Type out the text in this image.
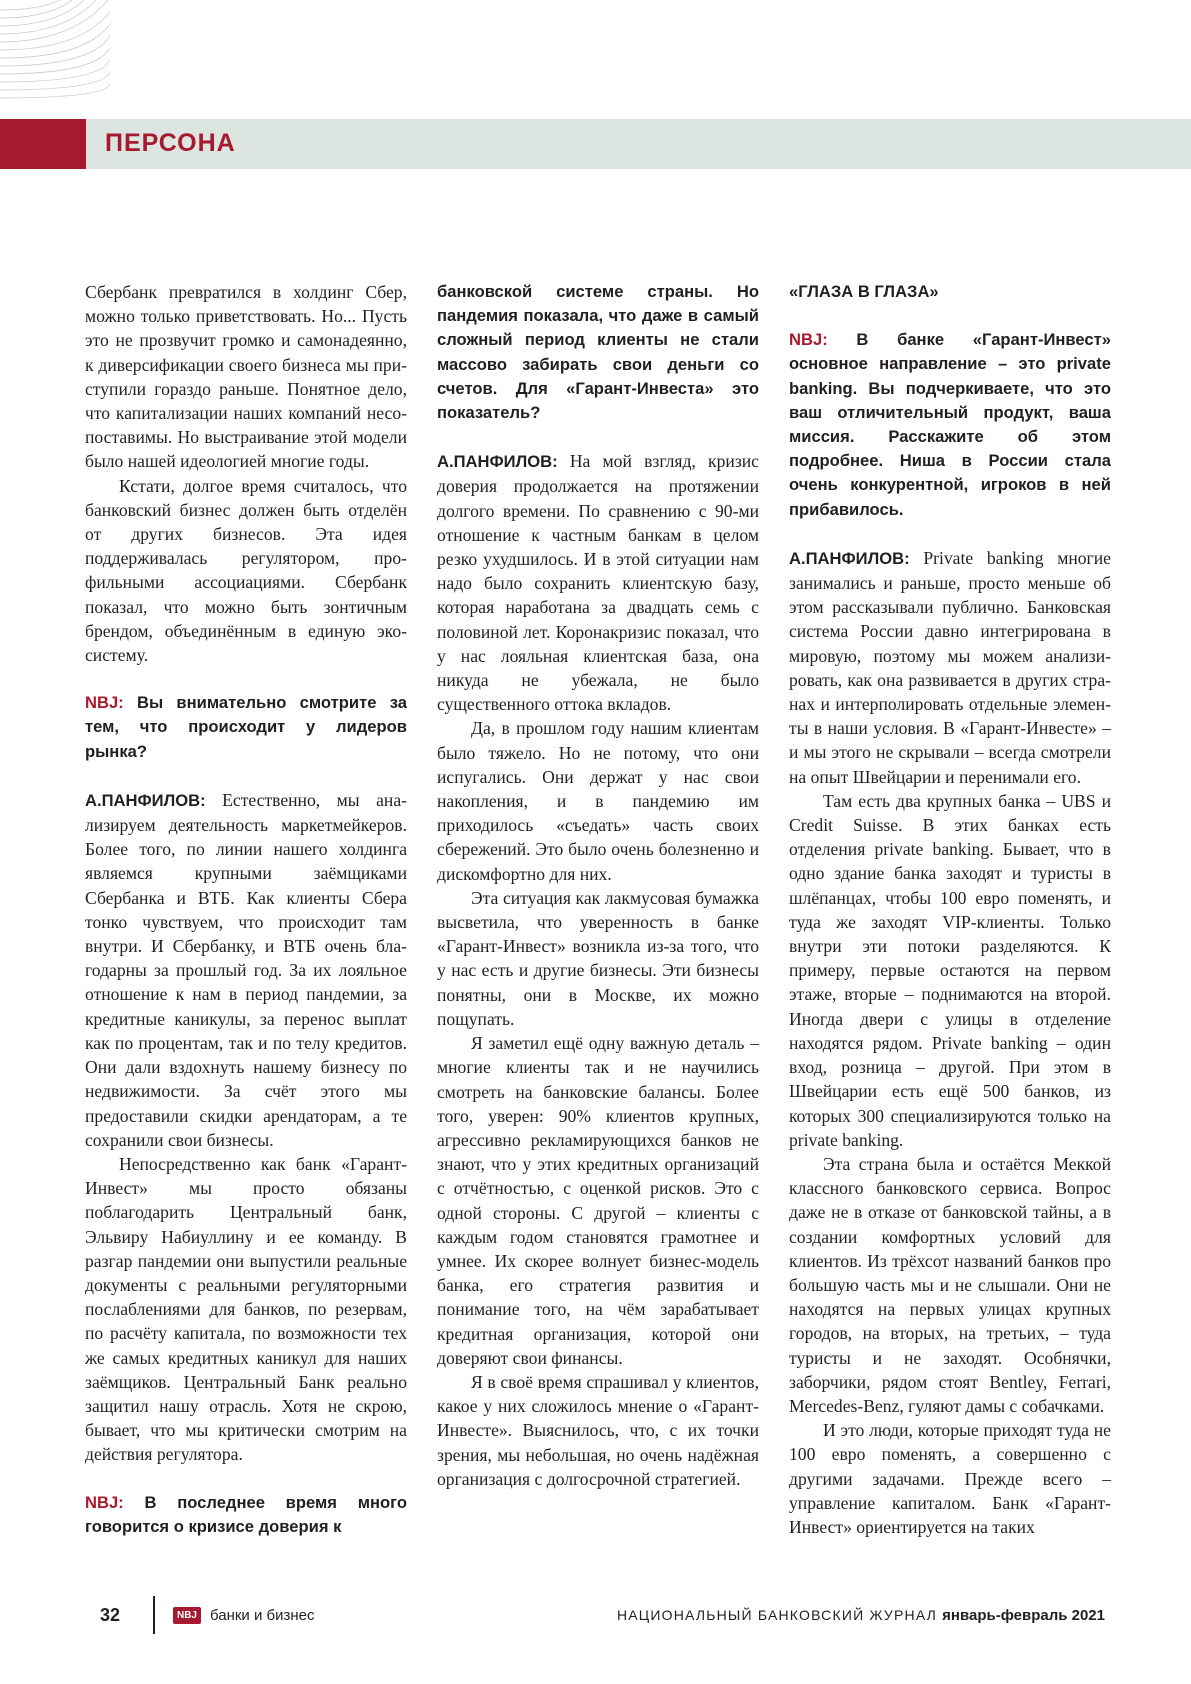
ПЕРСОНА

Сбербанк превратился в холдинг Сбер, можно только приветствовать. Но... Пусть это не прозвучит громко и самонадеянно, к диверсификации своего бизнеса мы приступили гораздо раньше. Понятное дело, что капитализации наших компаний несопоставимы. Но выстраивание этой модели было нашей идеологией многие годы.

Кстати, долгое время считалось, что банковский бизнес должен быть отделён от других бизнесов. Эта идея поддерживалась регулятором, профильными ассоциациями. Сбербанк показал, что можно быть зонтичным брендом, объединённым в единую экосистему.

NBJ: Вы внимательно смотрите за тем, что происходит у лидеров рынка?

А.ПАНФИЛОВ: Естественно, мы анализируем деятельность маркетмейкеров. Более того, по линии нашего холдинга являемся крупными заёмщиками Сбербанка и ВТБ. Как клиенты Сбера тонко чувствуем, что происходит там внутри. И Сбербанку, и ВТБ очень благодарны за прошлый год. За их лояльное отношение к нам в период пандемии, за кредитные каникулы, за перенос выплат как по процентам, так и по телу кредитов. Они дали вздохнуть нашему бизнесу по недвижимости. За счёт этого мы предоставили скидки арендаторам, а те сохранили свои бизнесы.

Непосредственно как банк «Гарант-Инвест» мы просто обязаны поблагодарить Центральный банк, Эльвиру Набиуллину и ее команду. В разгар пандемии они выпустили реальные документы с реальными регуляторными послаблениями для банков, по резервам, по расчёту капитала, по возможности тех же самых кредитных каникул для наших заёмщиков. Центральный Банк реально защитил нашу отрасль. Хотя не скрою, бывает, что мы критически смотрим на действия регулятора.

NBJ: В последнее время много говорится о кризисе доверия к

банковской системе страны. Но пандемия показала, что даже в самый сложный период клиенты не стали массово забирать свои деньги со счетов. Для «Гарант-Инвеста» это показатель?

А.ПАНФИЛОВ: На мой взгляд, кризис доверия продолжается на протяжении долгого времени. По сравнению с 90-ми отношение к частным банкам в целом резко ухудшилось. И в этой ситуации нам надо было сохранить клиентскую базу, которая наработана за двадцать семь с половиной лет. Коронакризис показал, что у нас лояльная клиентская база, она никуда не убежала, не было существенного оттока вкладов.

Да, в прошлом году нашим клиентам было тяжело. Но не потому, что они испугались. Они держат у нас свои накопления, и в пандемию им приходилось «съедать» часть своих сбережений. Это было очень болезненно и дискомфортно для них.

Эта ситуация как лакмусовая бумажка высветила, что уверенность в банке «Гарант-Инвест» возникла из-за того, что у нас есть и другие бизнесы. Эти бизнесы понятны, они в Москве, их можно пощупать.

Я заметил ещё одну важную деталь – многие клиенты так и не научились смотреть на банковские балансы. Более того, уверен: 90% клиентов крупных, агрессивно рекламирующихся банков не знают, что у этих кредитных организаций с отчётностью, с оценкой рисков. Это с одной стороны. С другой – клиенты с каждым годом становятся грамотнее и умнее. Их скорее волнует бизнес-модель банка, его стратегия развития и понимание того, на чём зарабатывает кредитная организация, которой они доверяют свои финансы.

Я в своё время спрашивал у клиентов, какое у них сложилось мнение о «Гарант-Инвесте». Выяснилось, что, с их точки зрения, мы небольшая, но очень надёжная организация с долгосрочной стратегией.

«ГЛАЗА В ГЛАЗА»

NBJ: В банке «Гарант-Инвест» основное направление – это private banking. Вы подчеркиваете, что это ваш отличительный продукт, ваша миссия. Расскажите об этом подробнее. Ниша в России стала очень конкурентной, игроков в ней прибавилось.

А.ПАНФИЛОВ: Private banking многие занимались и раньше, просто меньше об этом рассказывали публично. Банковская система России давно интегрирована в мировую, поэтому мы можем анализировать, как она развивается в других странах и интерполировать отдельные элементы в наши условия. В «Гарант-Инвесте» – и мы этого не скрывали – всегда смотрели на опыт Швейцарии и перенимали его.

Там есть два крупных банка – UBS и Credit Suisse. В этих банках есть отделения private banking. Бывает, что в одно здание банка заходят и туристы в шлёпанцах, чтобы 100 евро поменять, и туда же заходят VIP-клиенты. Только внутри эти потоки разделяются. К примеру, первые остаются на первом этаже, вторые – поднимаются на второй. Иногда двери с улицы в отделение находятся рядом. Private banking – один вход, розница – другой. При этом в Швейцарии есть ещё 500 банков, из которых 300 специализируются только на private banking.

Эта страна была и остаётся Меккой классного банковского сервиса. Вопрос даже не в отказе от банковской тайны, а в создании комфортных условий для клиентов. Из трёхсот названий банков про большую часть мы и не слышали. Они не находятся на первых улицах крупных городов, на вторых, на третьих, – туда туристы и не заходят. Особнячки, заборчики, рядом стоят Bentley, Ferrari, Mercedes-Benz, гуляют дамы с собачками.

И это люди, которые приходят туда не 100 евро поменять, а совершенно с другими задачами. Прежде всего – управление капиталом. Банк «Гарант-Инвест» ориентируется на таких

32	NBJ банки и бизнес	НАЦИОНАЛЬНЫЙ БАНКОВСКИЙ ЖУРНАЛ январь-февраль 2021
